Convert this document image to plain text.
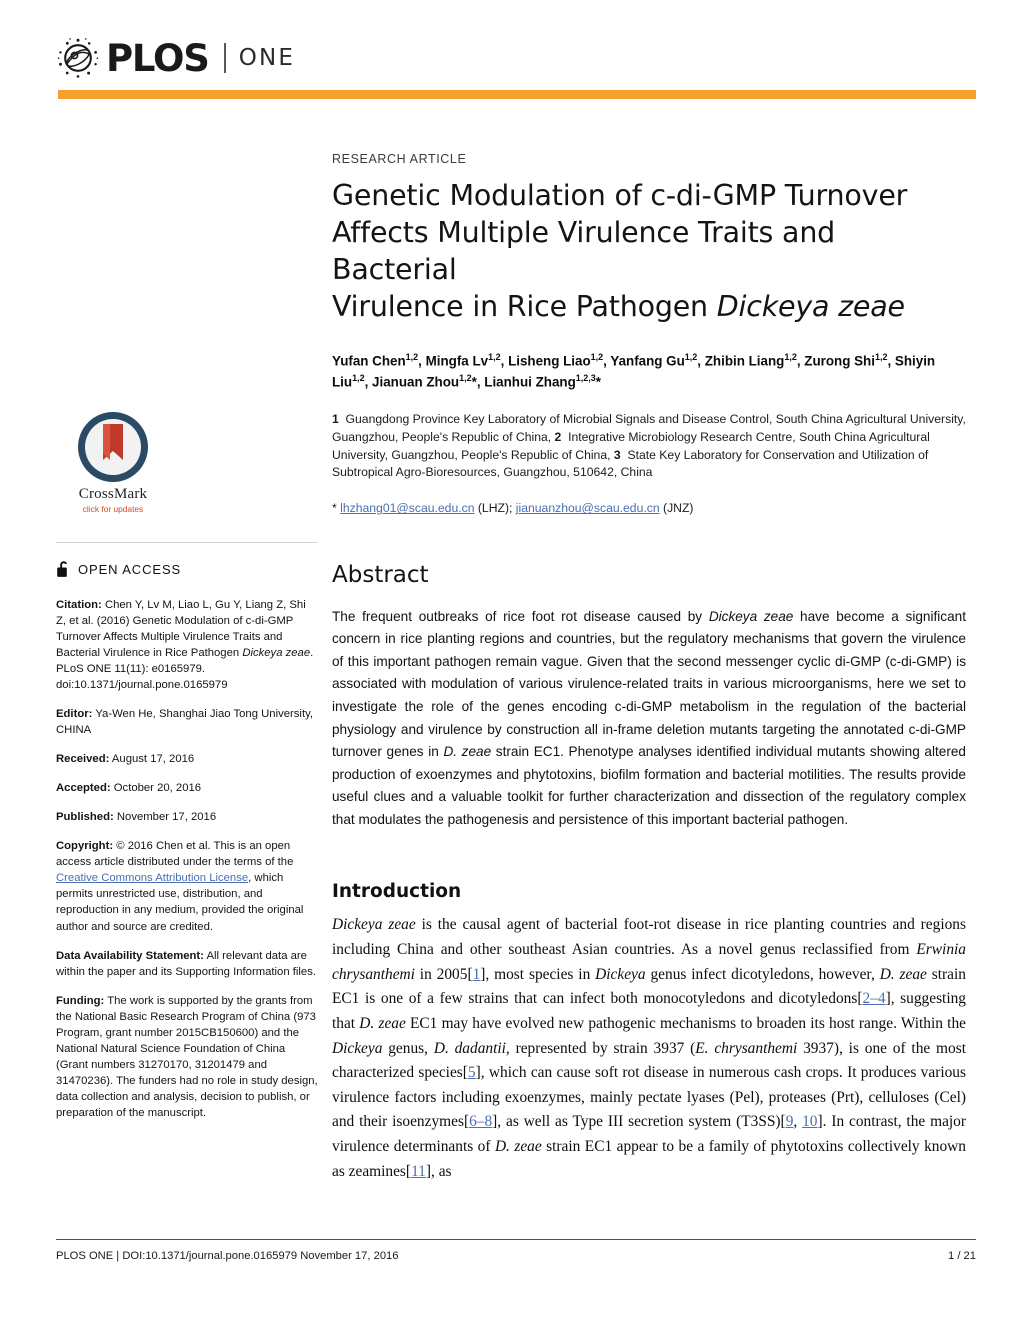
PLOS ONE
CrossMark
click for updates
OPEN ACCESS

Citation: Chen Y, Lv M, Liao L, Gu Y, Liang Z, Shi Z, et al. (2016) Genetic Modulation of c-di-GMP Turnover Affects Multiple Virulence Traits and Bacterial Virulence in Rice Pathogen Dickeya zeae. PLoS ONE 11(11): e0165979. doi:10.1371/journal.pone.0165979

Editor: Ya-Wen He, Shanghai Jiao Tong University, CHINA

Received: August 17, 2016

Accepted: October 20, 2016

Published: November 17, 2016

Copyright: © 2016 Chen et al. This is an open access article distributed under the terms of the Creative Commons Attribution License, which permits unrestricted use, distribution, and reproduction in any medium, provided the original author and source are credited.

Data Availability Statement: All relevant data are within the paper and its Supporting Information files.

Funding: The work is supported by the grants from the National Basic Research Program of China (973 Program, grant number 2015CB150600) and the National Natural Science Foundation of China (Grant numbers 31270170, 31201479 and 31470236). The funders had no role in study design, data collection and analysis, decision to publish, or preparation of the manuscript.

RESEARCH ARTICLE
Genetic Modulation of c-di-GMP Turnover
Affects Multiple Virulence Traits and Bacterial
Virulence in Rice Pathogen Dickeya zeae

Yufan Chen$^{1,2}$, Mingfa Lv$^{1,2}$, Lisheng Liao$^{1,2}$, Yanfang Gu$^{1,2}$, Zhibin Liang$^{1,2}$, Zurong Shi$^{1,2}$, Shiyin Liu$^{1,2}$, Jianuan Zhou$^{1,2}$*, Lianhui Zhang$^{1,2,3}$*

1  Guangdong Province Key Laboratory of Microbial Signals and Disease Control, South China Agricultural University, Guangzhou, People's Republic of China, 2  Integrative Microbiology Research Centre, South China Agricultural University, Guangzhou, People's Republic of China, 3  State Key Laboratory for Conservation and Utilization of Subtropical Agro-Bioresources, Guangzhou, 510642, China

* lhzhang01@scau.edu.cn (LHZ); jianuanzhou@scau.edu.cn (JNZ)

Abstract

The frequent outbreaks of rice foot rot disease caused by Dickeya zeae have become a significant concern in rice planting regions and countries, but the regulatory mechanisms that govern the virulence of this important pathogen remain vague. Given that the second messenger cyclic di-GMP (c-di-GMP) is associated with modulation of various virulence-related traits in various microorganisms, here we set to investigate the role of the genes encoding c-di-GMP metabolism in the regulation of the bacterial physiology and virulence by construction all in-frame deletion mutants targeting the annotated c-di-GMP turnover genes in D. zeae strain EC1. Phenotype analyses identified individual mutants showing altered production of exoenzymes and phytotoxins, biofilm formation and bacterial motilities. The results provide useful clues and a valuable toolkit for further characterization and dissection of the regulatory complex that modulates the pathogenesis and persistence of this important bacterial pathogen.

Introduction

Dickeya zeae is the causal agent of bacterial foot-rot disease in rice planting countries and regions including China and other southeast Asian countries. As a novel genus reclassified from Erwinia chrysanthemi in 2005[1], most species in Dickeya genus infect dicotyledons, however, D. zeae strain EC1 is one of a few strains that can infect both monocotyledons and dicotyledons[2–4], suggesting that D. zeae EC1 may have evolved new pathogenic mechanisms to broaden its host range. Within the Dickeya genus, D. dadantii, represented by strain 3937 (E. chrysanthemi 3937), is one of the most characterized species[5], which can cause soft rot disease in numerous cash crops. It produces various virulence factors including exoenzymes, mainly pectate lyases (Pel), proteases (Prt), celluloses (Cel) and their isoenzymes[6–8], as well as Type III secretion system (T3SS)[9, 10]. In contrast, the major virulence determinants of D. zeae strain EC1 appear to be a family of phytotoxins collectively known as zeamines[11], as

PLOS ONE | DOI:10.1371/journal.pone.0165979 November 17, 2016	1 / 21
